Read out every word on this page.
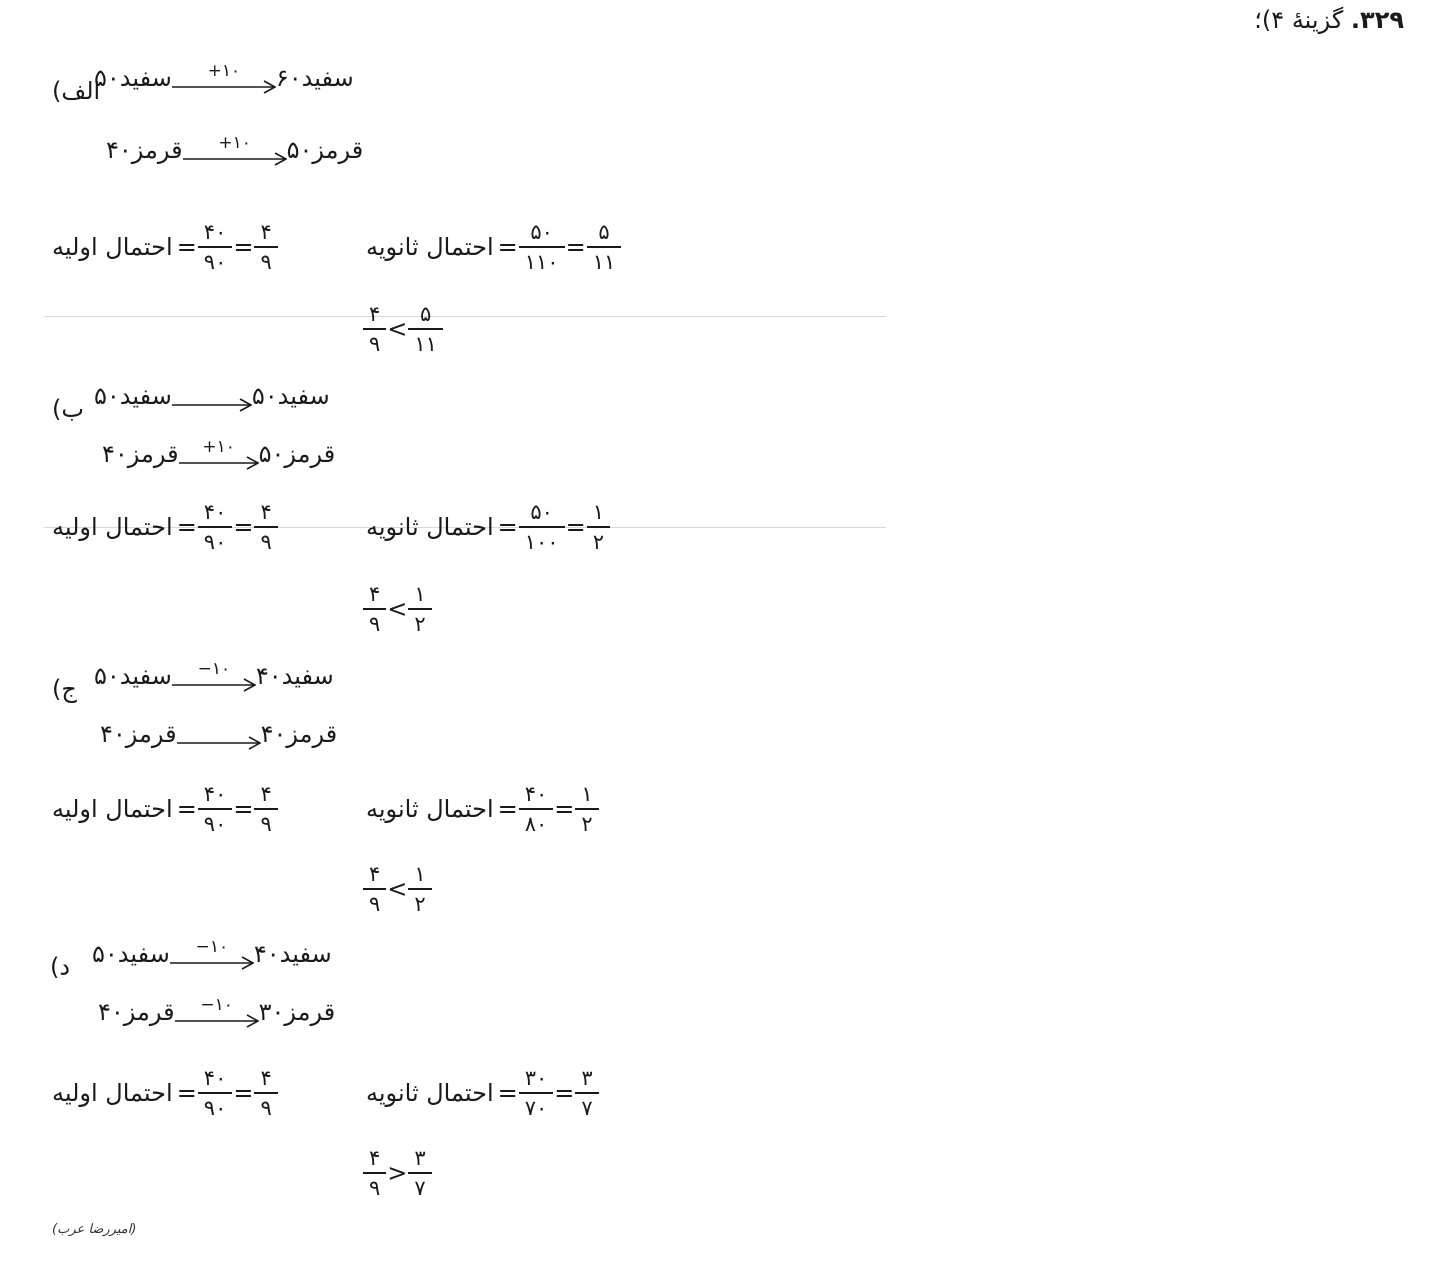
۳۲۹. گزینهٔ ۴)؛
(الف
۵۰سفید +۱۰ ۶۰سفید
۴۰قرمز +۱۰ ۵۰قرمز
احتمال اولیه = $\frac{۴۰}{۹۰} = \frac{۴}{۹}$	احتمال ثانویه = $\frac{۵۰}{۱۱۰} = \frac{۵}{۱۱}$
$\frac{۴}{۹} < \frac{۵}{۱۱}$
(ب ۵۰سفید
	۵۰سفید
۴۰قرمز +۱۰ ۵۰قرمز
احتمال اولیه = $\frac{۴۰}{۹۰} = \frac{۴}{۹}$	احتمال ثانویه = $\frac{۵۰}{۱۰۰} = \frac{۱}{۲}$
$\frac{۴}{۹} < \frac{۱}{۲}$
(ج ۵۰سفید −۱۰ ۴۰سفید
۴۰قرمز
	۴۰قرمز
احتمال اولیه = $\frac{۴۰}{۹۰} = \frac{۴}{۹}$	احتمال ثانویه = $\frac{۴۰}{۸۰} = \frac{۱}{۲}$
$\frac{۴}{۹} < \frac{۱}{۲}$
(د ۵۰سفید −۱۰ ۴۰سفید
۴۰قرمز −۱۰ ۳۰قرمز
احتمال اولیه = $\frac{۴۰}{۹۰} = \frac{۴}{۹}$	احتمال ثانویه = $\frac{۳۰}{۷۰} = \frac{۳}{۷}$
$\frac{۴}{۹} > \frac{۳}{۷}$
(امیررضا عرب)
